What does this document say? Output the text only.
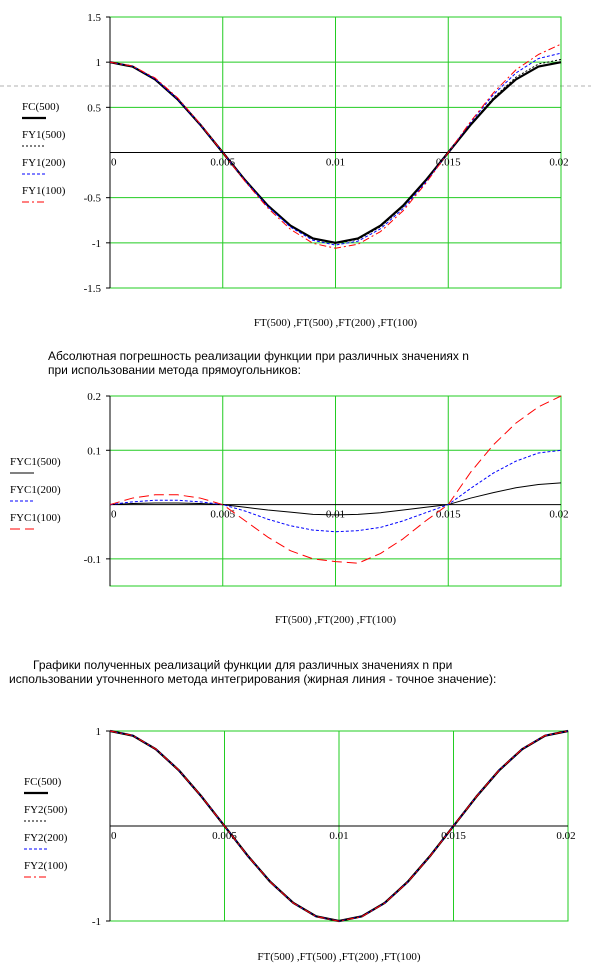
1.5
1
0.5
-0.5
-1
-1.5
0	0.005	0.01	0.015	0.02
FC(500)
FY1(500)
FY1(200)
FY1(100)
FT(500) ,FT(500) ,FT(200) ,FT(100)
0.2
0.1
-0.1
0	0.005	0.01	0.015	0.02
FYC1(500)
FYC1(200)
FYC1(100)
FT(500) ,FT(200) ,FT(100)
1
-1
0	0.005	0.01	0.015	0.02
FC(500)
FY2(500)
FY2(200)
FY2(100)
FT(500) ,FT(500) ,FT(200) ,FT(100)
Абсолютная погрешность реализации функции при различных значениях n
при использовании метода прямоугольников:
Графики полученных реализаций функции для различных значениях n при
использовании уточненного метода интегрирования (жирная линия - точное значение):
